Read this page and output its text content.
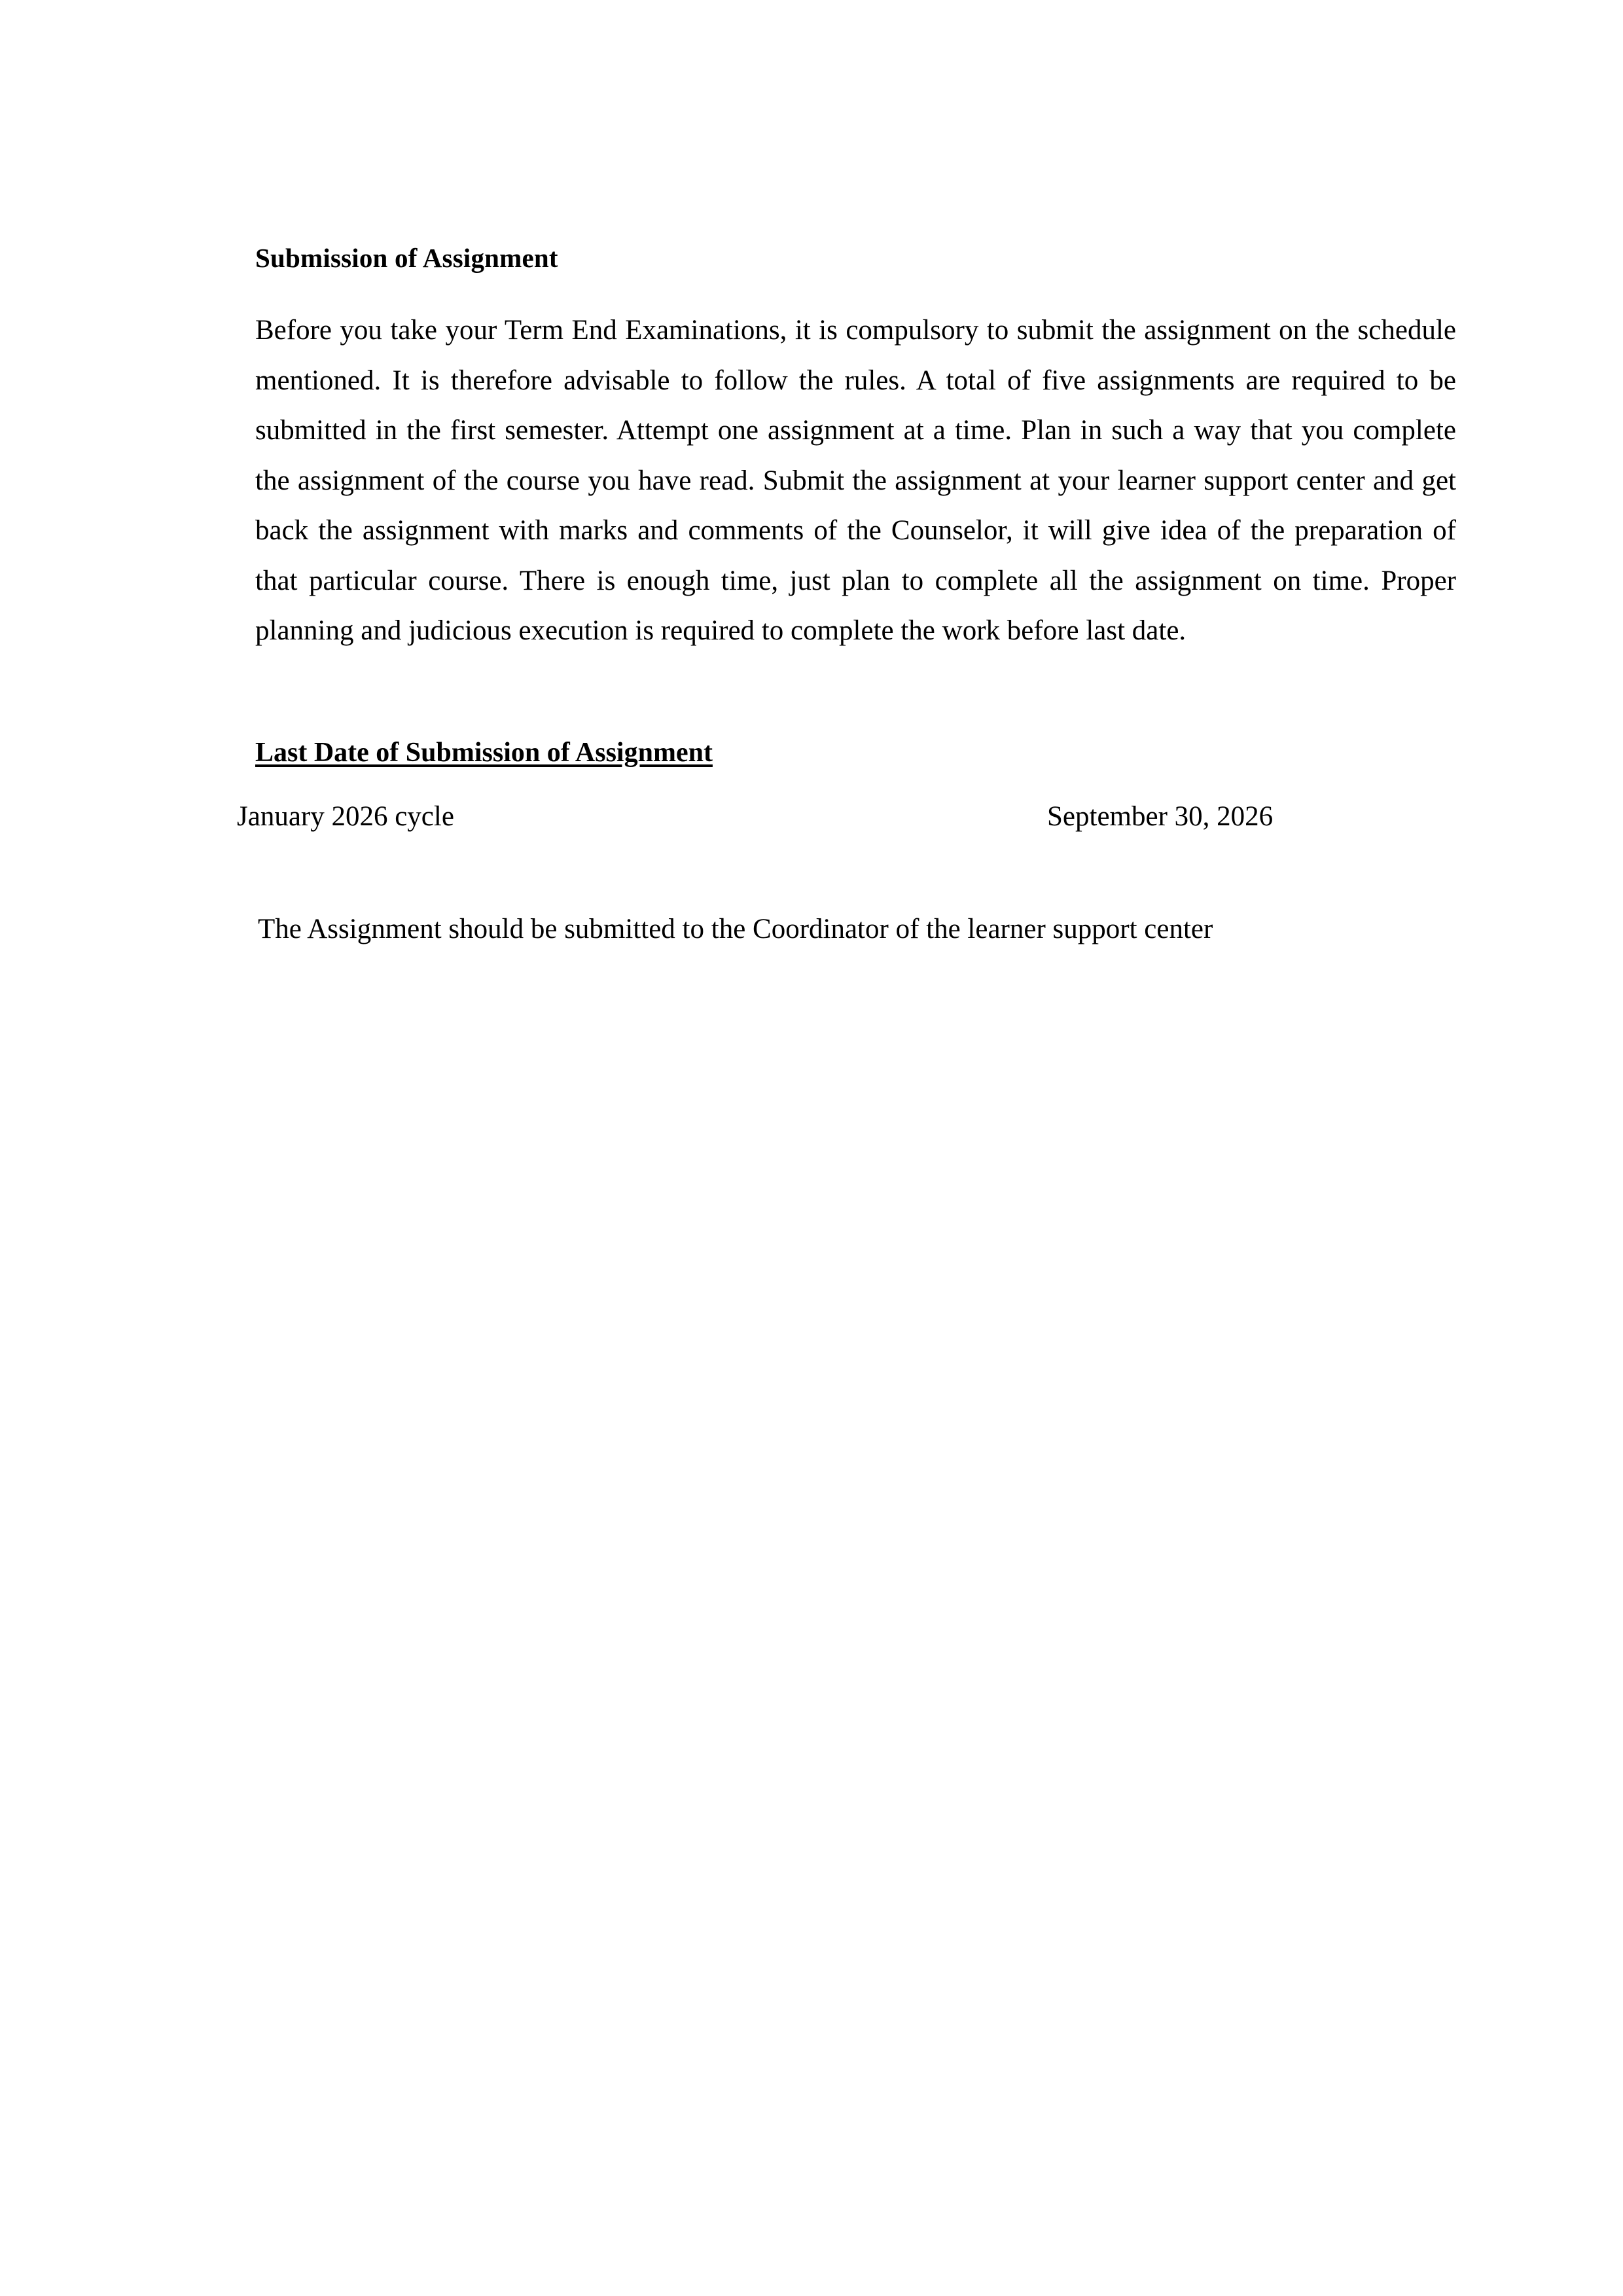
Submission of Assignment

Before you take your Term End Examinations, it is compulsory to submit the assignment on the schedule mentioned. It is therefore advisable to follow the rules. A total of five assignments are required to be submitted in the first semester. Attempt one assignment at a time. Plan in such a way that you complete the assignment of the course you have read. Submit the assignment at your learner support center and get back the assignment with marks and comments of the Counselor, it will give idea of the preparation of that particular course. There is enough time, just plan to complete all the assignment on time. Proper planning and judicious execution is required to complete the work before last date.

Last Date of Submission of Assignment
January 2026 cycle	September 30, 2026

The Assignment should be submitted to the Coordinator of the learner support center
